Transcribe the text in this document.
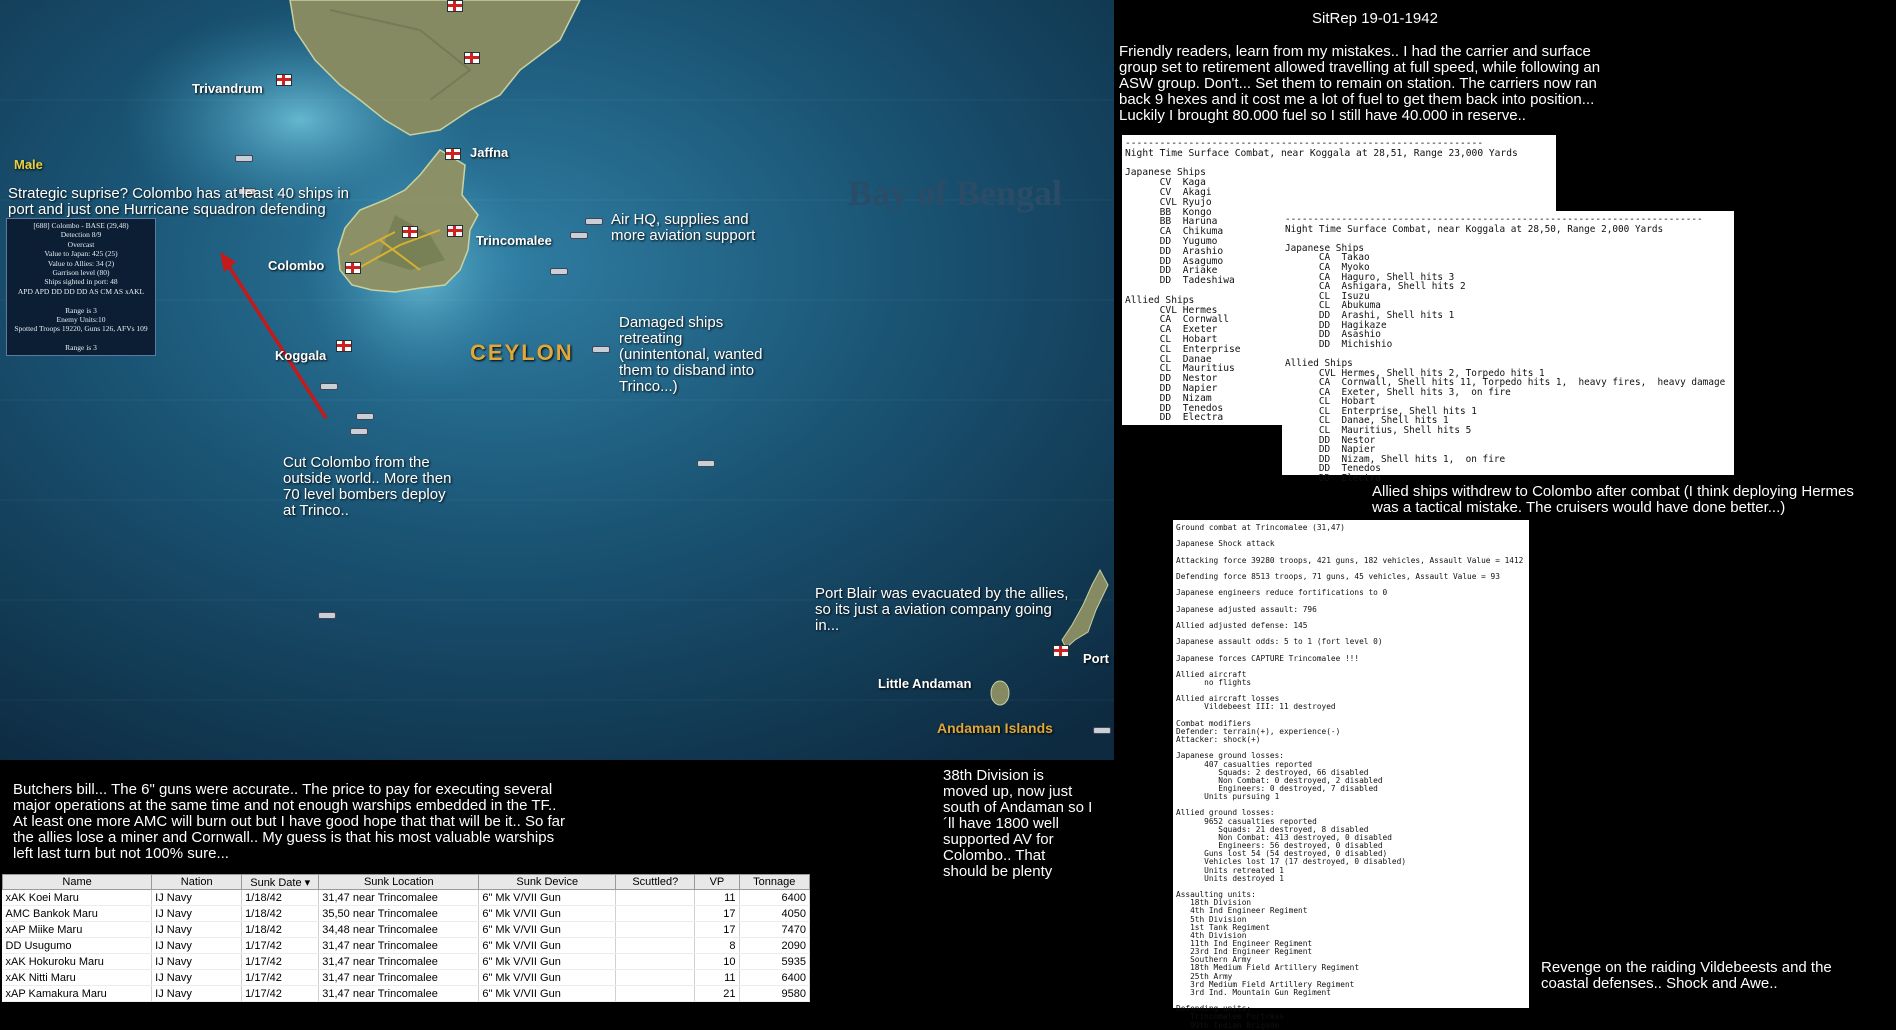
Trivandrum
Male
Jaffna
Trincomalee
Colombo
Koggala	CEYLON
Bay of Bengal
Little Andaman
Andaman Islands
Port
Strategic suprise? Colombo has at least 40 ships in port and just one Hurricane squadron defending
Air HQ, supplies and more aviation support
Damaged ships retreating (unintentonal, wanted them to disband into Trinco...)
Cut Colombo from the outside world.. More then 70 level bombers deploy at Trinco..
Port Blair was evacuated by the allies, so its just a aviation company going in...
[688] Colombo - BASE (29,48)
Detection 8/9
Overcast
Value to Japan: 425 (25)
Value to Allies: 34 (2)
Garrison level (80)
Ships sighted in port: 48
APD APD DD DD DD AS CM AS xAKL

Range is 3
Enemy Units:10
Spotted Troops 19220, Guns 126, AFVs 109

Range is 3
SitRep 19-01-1942
Friendly readers, learn from my mistakes.. I had the carrier and surface group set to retirement allowed travelling at full speed, while following an ASW group. Don't... Set them to remain on station. The carriers now ran back 9 hexes and it cost me a lot of fuel to get them back into position... Luckily I brought 80.000 fuel so I still have 40.000 in reserve..
--------------------------------------------------------------
Night Time Surface Combat, near Koggala at 28,51, Range 23,000 Yards

Japanese Ships
CV  Kaga
CV  Akagi
CVL Ryujo
BB  Kongo
BB  Haruna
CA  Chikuma
DD  Yugumo
DD  Arashio
DD  Asagumo
DD  Ariake
DD  Tadeshiwa

Allied Ships
CVL Hermes
CA  Cornwall
CA  Exeter
CL  Hobart
CL  Enterprise
CL  Danae
CL  Mauritius
DD  Nestor
DD  Napier
DD  Nizam
DD  Tenedos
DD  Electra
--------------------------------------------------------------------------
Night Time Surface Combat, near Koggala at 28,50, Range 2,000 Yards

Japanese Ships
CA  Takao
CA  Myoko
CA  Haguro, Shell hits 3
CA  Ashigara, Shell hits 2
CL  Isuzu
CL  Abukuma
DD  Arashi, Shell hits 1
DD  Hagikaze
DD  Asashio
DD  Michishio

Allied Ships
CVL Hermes, Shell hits 2, Torpedo hits 1
CA  Cornwall, Shell hits 11, Torpedo hits 1,  heavy fires,  heavy damage
CA  Exeter, Shell hits 3,  on fire
CL  Hobart
CL  Enterprise, Shell hits 1
CL  Danae, Shell hits 1
CL  Mauritius, Shell hits 5
DD  Nestor
DD  Napier
DD  Nizam, Shell hits 1,  on fire
DD  Tenedos
DD  Electra
Allied ships withdrew to Colombo after combat (I think deploying Hermes was a tactical mistake. The cruisers would have done better...)
Ground combat at Trincomalee (31,47)

Japanese Shock attack

Attacking force 39280 troops, 421 guns, 182 vehicles, Assault Value = 1412

Defending force 8513 troops, 71 guns, 45 vehicles, Assault Value = 93

Japanese engineers reduce fortifications to 0

Japanese adjusted assault: 796

Allied adjusted defense: 145

Japanese assault odds: 5 to 1 (fort level 0)

Japanese forces CAPTURE Trincomalee !!!

Allied aircraft
no flights

Allied aircraft losses
Vildebeest III: 11 destroyed

Combat modifiers
Defender: terrain(+), experience(-)
Attacker: shock(+)

Japanese ground losses:
407 casualties reported
Squads: 2 destroyed, 66 disabled
Non Combat: 0 destroyed, 2 disabled
Engineers: 0 destroyed, 7 disabled
Units pursuing 1

Allied ground losses:
9652 casualties reported
Squads: 21 destroyed, 8 disabled
Non Combat: 413 destroyed, 0 disabled
Engineers: 56 destroyed, 0 disabled
Guns lost 54 (54 destroyed, 0 disabled)
Vehicles lost 17 (17 destroyed, 0 disabled)
Units retreated 1
Units destroyed 1

Assaulting units:
18th Division
4th Ind Engineer Regiment
5th Division
1st Tank Regiment
4th Division
11th Ind Engineer Regiment
23rd Ind Engineer Regiment
Southern Army
18th Medium Field Artillery Regiment
25th Army
3rd Medium Field Artillery Regiment
3rd Ind. Mountain Gun Regiment

Defending units:
Trincomalee Fortress
99th Indian Brigade
Revenge on the raiding Vildebeests and the coastal defenses.. Shock and Awe..
38th Division is moved up, now just south of Andaman so I´ll have 1800 well supported AV for Colombo.. That should be plenty
Butchers bill... The 6" guns were accurate.. The price to pay for executing several major operations at the same time and not enough warships embedded in the TF.. At least one more AMC will burn out but I have good hope that that will be it.. So far the allies lose a miner and Cornwall.. My guess is that his most valuable warships left last turn but not 100% sure...
Name	Nation	Sunk Date ▾	Sunk Location	Sunk Device	Scuttled?	VP	Tonnage
xAK Koei Maru	IJ Navy	1/18/42	31,47 near Trincomalee	6" Mk V/VII Gun		11	6400
AMC Bankok Maru	IJ Navy	1/18/42	35,50 near Trincomalee	6" Mk V/VII Gun		17	4050
xAP Miike Maru	IJ Navy	1/18/42	34,48 near Trincomalee	6" Mk V/VII Gun		17	7470
DD Usugumo	IJ Navy	1/17/42	31,47 near Trincomalee	6" Mk V/VII Gun		8	2090
xAK Hokuroku Maru	IJ Navy	1/17/42	31,47 near Trincomalee	6" Mk V/VII Gun		10	5935
xAK Nitti Maru	IJ Navy	1/17/42	31,47 near Trincomalee	6" Mk V/VII Gun		11	6400
xAP Kamakura Maru	IJ Navy	1/17/42	31,47 near Trincomalee	6" Mk V/VII Gun		21	9580
